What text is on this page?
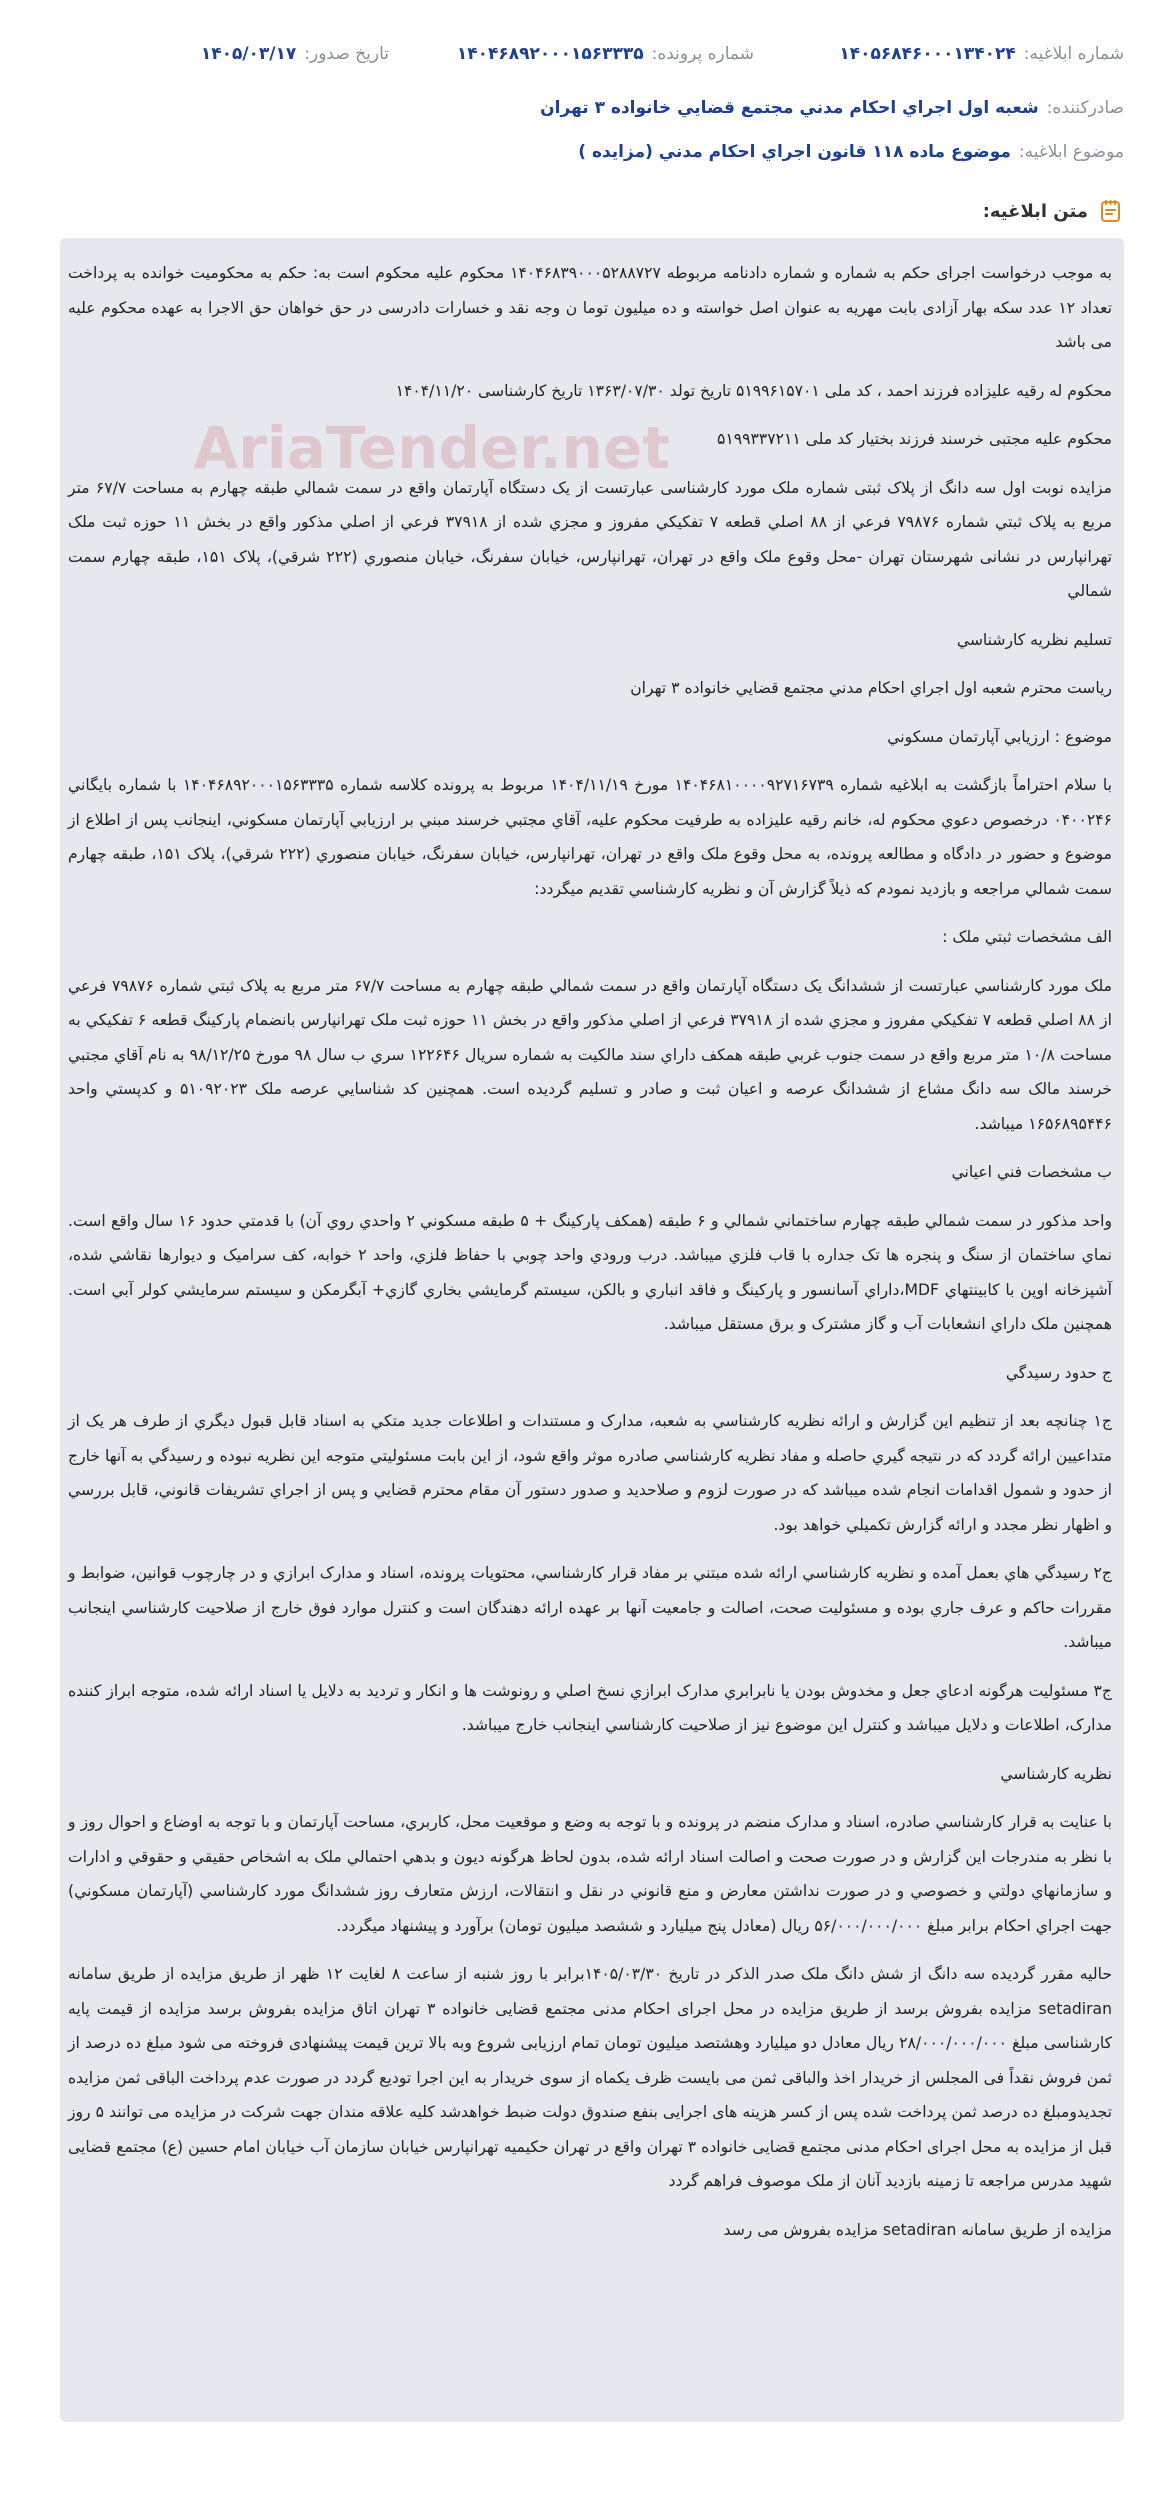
شماره ابلاغیه:
۱۴۰۵۶۸۴۶۰۰۰۱۳۴۰۲۴
شماره پرونده:
۱۴۰۴۶۸۹۲۰۰۰۱۵۶۳۳۳۵
تاریخ صدور:
۱۴۰۵/۰۳/۱۷
صادرکننده:
شعبه اول اجراي احکام مدني مجتمع قضايي خانواده ۳ تهران
موضوع ابلاغیه:
موضوع ماده ۱۱۸ قانون اجراي احکام مدني (مزايده )
متن ابلاغیه:
AriaTender.net

به موجب درخواست اجرای حکم به شماره و شماره دادنامه مربوطه ۱۴۰۴۶۸۳۹۰۰۰۵۲۸۸۷۲۷ محکوم علیه محکوم است به: حکم به محکومیت خوانده به پرداخت تعداد ۱۲ عدد سکه بهار آزادی بابت مهریه به عنوان اصل خواسته و ده میلیون توما ن وجه نقد و خسارات دادرسی در حق خواهان حق الاجرا به عهده محکوم علیه می باشد

محکوم له رقیه علیزاده فرزند احمد ، کد ملی ۵۱۹۹۶۱۵۷۰۱ تاریخ تولد ۱۳۶۳/۰۷/۳۰ تاریخ کارشناسی ۱۴۰۴/۱۱/۲۰

محکوم علیه مجتبی خرسند فرزند بختیار کد ملی ۵۱۹۹۳۳۷۲۱۱

مزايده نوبت اول سه دانگ از پلاک ثبتی شماره ملک مورد کارشناسی عبارتست از یک دستگاه آپارتمان واقع در سمت شمالي طبقه چهارم به مساحت ۶۷/۷ متر مربع به پلاک ثبتي شماره ۷۹۸۷۶ فرعي از ۸۸ اصلي قطعه ۷ تفکيکي مفروز و مجزي شده از ۳۷۹۱۸ فرعي از اصلي مذکور واقع در بخش ۱۱ حوزه ثبت ملک تهرانپارس در نشانی شهرستان تهران -محل وقوع ملک واقع در تهران، تهرانپارس، خيابان سفرنگ، خيابان منصوري (۲۲۲ شرقي)، پلاک ۱۵۱، طبقه چهارم سمت شمالي

تسليم نظريه کارشناسي

رياست محترم شعبه اول اجراي احکام مدني مجتمع قضايي خانواده ۳ تهران

موضوع : ارزيابي آپارتمان مسکوني

با سلام احتراماً بازگشت به ابلاغيه شماره ۱۴۰۴۶۸۱۰۰۰۰۹۲۷۱۶۷۳۹ مورخ ۱۴۰۴/۱۱/۱۹ مربوط به پرونده کلاسه شماره ۱۴۰۴۶۸۹۲۰۰۰۱۵۶۳۳۳۵ با شماره بايگاني ۰۴۰۰۲۴۶ درخصوص دعوي محکوم له، خانم رقيه عليزاده به طرفيت محکوم عليه، آقاي مجتبي خرسند مبني بر ارزيابي آپارتمان مسکوني، اينجانب پس از اطلاع از موضوع و حضور در دادگاه و مطالعه پرونده، به محل وقوع ملک واقع در تهران، تهرانپارس، خيابان سفرنگ، خيابان منصوري (۲۲۲ شرقي)، پلاک ۱۵۱، طبقه چهارم سمت شمالي مراجعه و بازديد نمودم که ذيلاً گزارش آن و نظريه کارشناسي تقديم ميگردد:

الف مشخصات ثبتي ملک :

ملک مورد کارشناسي عبارتست از ششدانگ يک دستگاه آپارتمان واقع در سمت شمالي طبقه چهارم به مساحت ۶۷/۷ متر مربع به پلاک ثبتي شماره ۷۹۸۷۶ فرعي از ۸۸ اصلي قطعه ۷ تفکيکي مفروز و مجزي شده از ۳۷۹۱۸ فرعي از اصلي مذکور واقع در بخش ۱۱ حوزه ثبت ملک تهرانپارس بانضمام پارکينگ قطعه ۶ تفکيکي به مساحت ۱۰/۸ متر مربع واقع در سمت جنوب غربي طبقه همکف داراي سند مالکيت به شماره سريال ۱۲۲۶۴۶ سري ب سال ۹۸ مورخ ۹۸/۱۲/۲۵ به نام آقاي مجتبي خرسند مالک سه دانگ مشاع از ششدانگ عرصه و اعيان ثبت و صادر و تسليم گرديده است. همچنين کد شناسايي عرصه ملک ۵۱۰۹۲۰۲۳ و کدپستي واحد ۱۶۵۶۸۹۵۴۴۶ ميباشد.

ب مشخصات فني اعياني

واحد مذکور در سمت شمالي طبقه چهارم ساختماني شمالي و ۶ طبقه (همکف پارکينگ + ۵ طبقه مسکوني ۲ واحدي روي آن) با قدمتي حدود ۱۶ سال واقع است. نماي ساختمان از سنگ و پنجره ها تک جداره با قاب فلزي ميباشد. درب ورودي واحد چوبي با حفاظ فلزي، واحد ۲ خوابه، کف سراميک و ديوارها نقاشي شده، آشپزخانه اوپن با کابينتهاي MDF،داراي آسانسور و پارکينگ و فاقد انباري و بالکن، سيستم گرمايشي بخاري گازي+ آبگرمکن و سيستم سرمايشي کولر آبي است. همچنين ملک داراي انشعابات آب و گاز مشترک و برق مستقل ميباشد.

ج حدود رسيدگي

ج۱ چنانچه بعد از تنظيم اين گزارش و ارائه نظريه کارشناسي به شعبه، مدارک و مستندات و اطلاعات جديد متکي به اسناد قابل قبول ديگري از طرف هر يک از متداعيين ارائه گردد که در نتيجه گيري حاصله و مفاد نظريه کارشناسي صادره موثر واقع شود، از اين بابت مسئوليتي متوجه اين نظريه نبوده و رسيدگي به آنها خارج از حدود و شمول اقدامات انجام شده ميباشد که در صورت لزوم و صلاحديد و صدور دستور آن مقام محترم قضايي و پس از اجراي تشريفات قانوني، قابل بررسي و اظهار نظر مجدد و ارائه گزارش تکميلي خواهد بود.

ج۲ رسيدگي هاي بعمل آمده و نظريه کارشناسي ارائه شده مبتني بر مفاد قرار کارشناسي، محتويات پرونده، اسناد و مدارک ابرازي و در چارچوب قوانين، ضوابط و مقررات حاکم و عرف جاري بوده و مسئوليت صحت، اصالت و جامعيت آنها بر عهده ارائه دهندگان است و کنترل موارد فوق خارج از صلاحيت کارشناسي اينجانب ميباشد.

ج۳ مسئوليت هرگونه ادعاي جعل و مخدوش بودن يا نابرابري مدارک ابرازي نسخ اصلي و رونوشت ها و انکار و ترديد به دلايل يا اسناد ارائه شده، متوجه ابراز کننده مدارک، اطلاعات و دلايل ميباشد و کنترل اين موضوع نيز از صلاحيت کارشناسي اينجانب خارج ميباشد.

نظريه کارشناسي

با عنايت به قرار کارشناسي صادره، اسناد و مدارک منضم در پرونده و با توجه به وضع و موقعيت محل، کاربري، مساحت آپارتمان و با توجه به اوضاع و احوال روز و با نظر به مندرجات اين گزارش و در صورت صحت و اصالت اسناد ارائه شده، بدون لحاظ هرگونه ديون و بدهي احتمالي ملک به اشخاص حقيقي و حقوقي و ادارات و سازمانهاي دولتي و خصوصي و در صورت نداشتن معارض و منع قانوني در نقل و انتقالات، ارزش متعارف روز ششدانگ مورد کارشناسي (آپارتمان مسکوني) جهت اجراي احکام برابر مبلغ ۵۶/۰۰۰/۰۰۰/۰۰۰ ريال (معادل پنج ميليارد و ششصد ميليون تومان) برآورد و پيشنهاد ميگردد.

حالیه مقرر گردیده سه دانگ از شش دانگ ملک صدر الذکر در تاریخ ۱۴۰۵/۰۳/۳۰برابر با روز شنبه از ساعت ۸ لغایت ۱۲ ظهر از طریق مزایده از طریق سامانه setadiran مزايده بفروش برسد از طریق مزایده در محل اجرای احکام مدنی مجتمع قضایی خانواده ۳ تهران اتاق مزایده بفروش برسد مزایده از قیمت پایه کارشناسی مبلغ ۲۸/۰۰۰/۰۰۰/۰۰۰ ریال معادل دو میلیارد وهشتصد میلیون تومان تمام ارزیابی شروع وبه بالا ترین قیمت پیشنهادی فروخته می شود مبلغ ده درصد از ثمن فروش نقداً فی المجلس از خریدار اخذ والباقی ثمن می بایست ظرف یکماه از سوی خریدار به این اجرا تودیع گردد در صورت عدم پرداخت الباقی ثمن مزایده تجدیدومبلغ ده درصد ثمن پرداخت شده پس از کسر هزینه های اجرایی بنفع صندوق دولت ضبط خواهدشد کلیه علاقه مندان جهت شرکت در مزایده می توانند ۵ روز قبل از مزایده به محل اجرای احکام مدنی مجتمع قضایی خانواده ۳ تهران واقع در تهران حکیمیه تهرانپارس خیابان سازمان آب خیابان امام حسین (ع) مجتمع قضایی شهید مدرس مراجعه تا زمینه بازدید آنان از ملک موصوف فراهم گردد

مزايده از طريق سامانه setadiran مزايده بفروش می رسد
